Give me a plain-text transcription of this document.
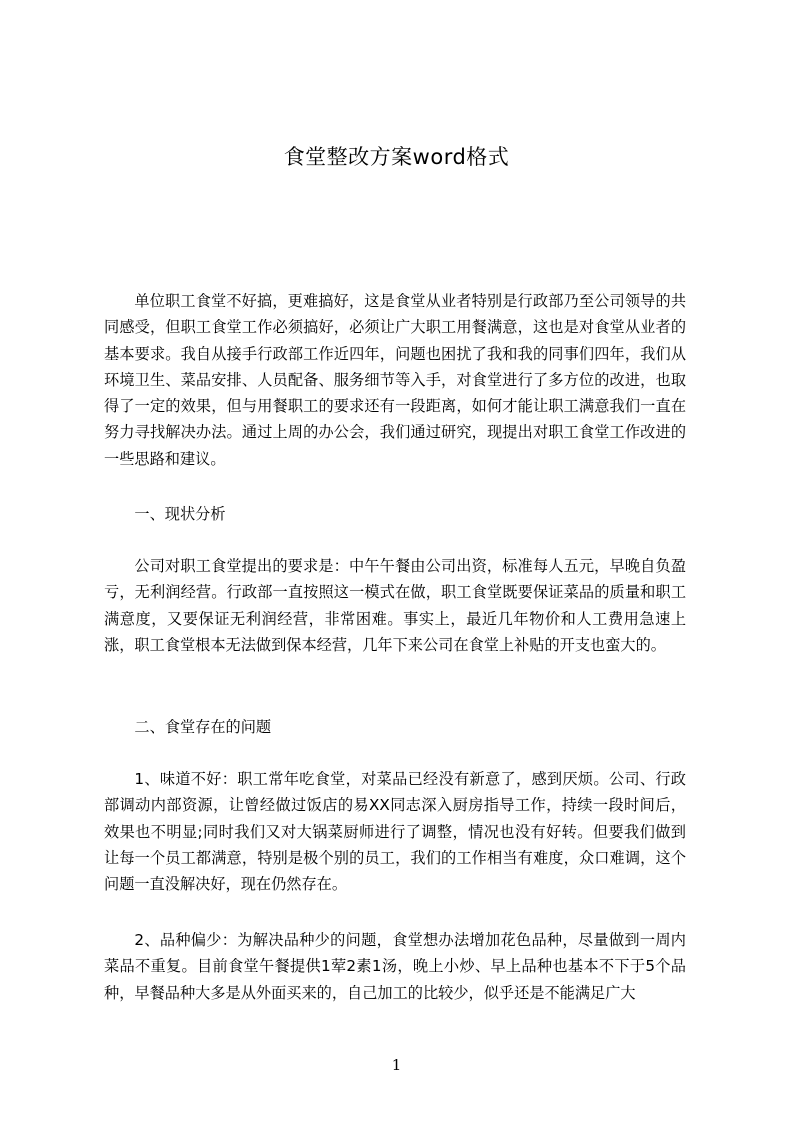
食堂整改方案word格式

单位职工食堂不好搞，更难搞好，这是食堂从业者特别是行政部乃至公司领导的共同感受，但职工食堂工作必须搞好，必须让广大职工用餐满意，这也是对食堂从业者的基本要求。我自从接手行政部工作近四年，问题也困扰了我和我的同事们四年，我们从环境卫生、菜品安排、人员配备、服务细节等入手，对食堂进行了多方位的改进，也取得了一定的效果，但与用餐职工的要求还有一段距离，如何才能让职工满意我们一直在努力寻找解决办法。通过上周的办公会，我们通过研究，现提出对职工食堂工作改进的一些思路和建议。

一、现状分析

公司对职工食堂提出的要求是：中午午餐由公司出资，标准每人五元，早晚自负盈亏，无利润经营。行政部一直按照这一模式在做，职工食堂既要保证菜品的质量和职工满意度，又要保证无利润经营，非常困难。事实上，最近几年物价和人工费用急速上涨，职工食堂根本无法做到保本经营，几年下来公司在食堂上补贴的开支也蛮大的。

二、食堂存在的问题

1、味道不好：职工常年吃食堂，对菜品已经没有新意了，感到厌烦。公司、行政部调动内部资源，让曾经做过饭店的易XX同志深入厨房指导工作，持续一段时间后，效果也不明显;同时我们又对大锅菜厨师进行了调整，情况也没有好转。但要我们做到让每一个员工都满意，特别是极个别的员工，我们的工作相当有难度，众口难调，这个问题一直没解决好，现在仍然存在。

2、品种偏少：为解决品种少的问题，食堂想办法增加花色品种，尽量做到一周内菜品不重复。目前食堂午餐提供1荤2素1汤，晚上小炒、早上品种也基本不下于5个品种，早餐品种大多是从外面买来的，自己加工的比较少，似乎还是不能满足广大

1
